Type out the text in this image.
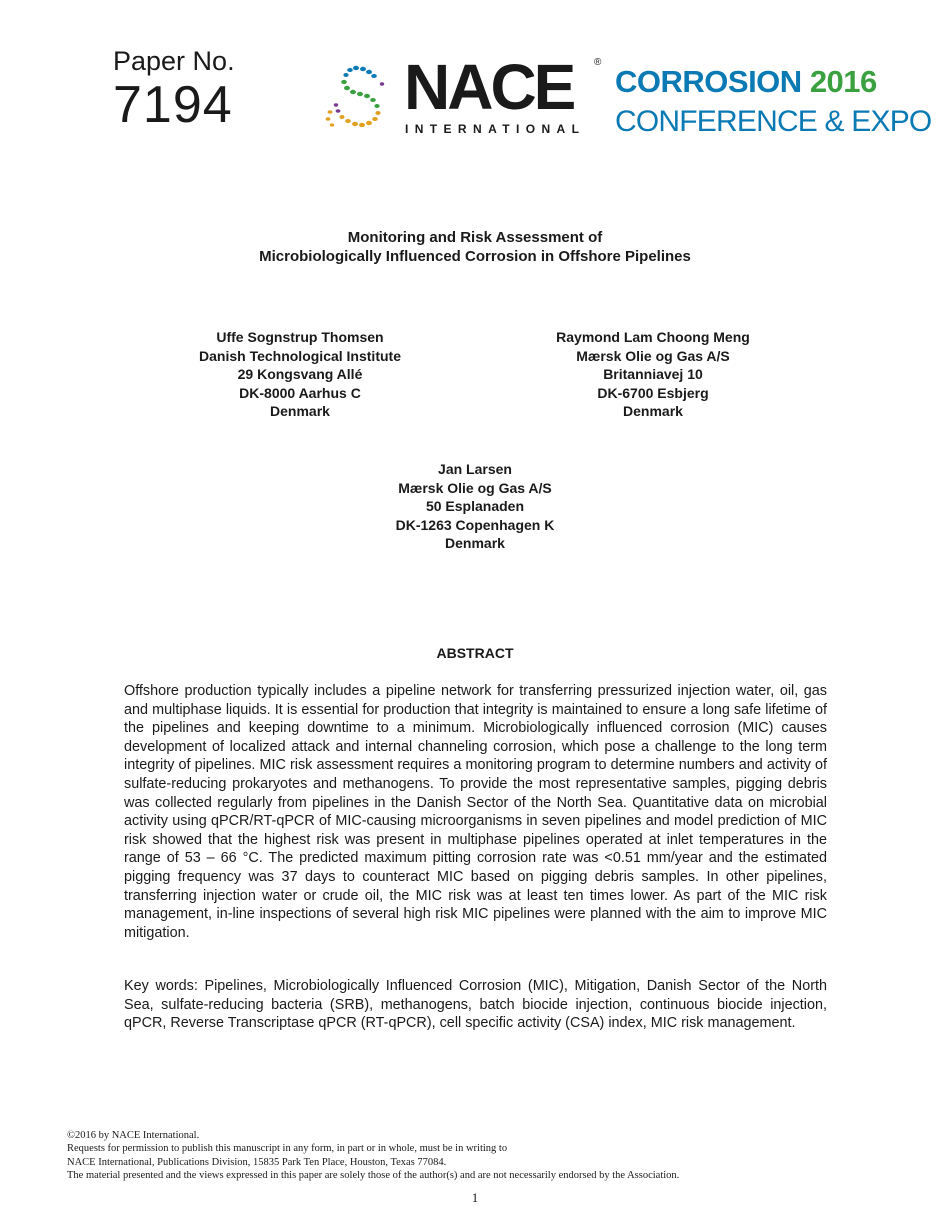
Paper No.
7194	NACE ®
INTERNATIONAL
CORROSION 2016
CONFERENCE & EXPO
Monitoring and Risk Assessment of
Microbiologically Influenced Corrosion in Offshore Pipelines
Uffe Sognstrup Thomsen
Danish Technological Institute
29 Kongsvang Allé
DK-8000 Aarhus C
Denmark
Raymond Lam Choong Meng
Mærsk Olie og Gas A/S
Britanniavej 10
DK-6700 Esbjerg
Denmark
Jan Larsen
Mærsk Olie og Gas A/S
50 Esplanaden
DK-1263 Copenhagen K
Denmark
ABSTRACT

Offshore production typically includes a pipeline network for transferring pressurized injection water, oil, gas and multiphase liquids. It is essential for production that integrity is maintained to ensure a long safe lifetime of the pipelines and keeping downtime to a minimum. Microbiologically influenced corrosion (MIC) causes development of localized attack and internal channeling corrosion, which pose a challenge to the long term integrity of pipelines. MIC risk assessment requires a monitoring program to determine numbers and activity of sulfate-reducing prokaryotes and methanogens. To provide the most representative samples, pigging debris was collected regularly from pipelines in the Danish Sector of the North Sea. Quantitative data on microbial activity using qPCR/RT-qPCR of MIC-causing microorganisms in seven pipelines and model prediction of MIC risk showed that the highest risk was present in multiphase pipelines operated at inlet temperatures in the range of 53 – 66 °C. The predicted maximum pitting corrosion rate was <0.51 mm/year and the estimated pigging frequency was 37 days to counteract MIC based on pigging debris samples. In other pipelines, transferring injection water or crude oil, the MIC risk was at least ten times lower. As part of the MIC risk management, in-line inspections of several high risk MIC pipelines were planned with the aim to improve MIC mitigation.

Key words: Pipelines, Microbiologically Influenced Corrosion (MIC), Mitigation, Danish Sector of the North Sea, sulfate-reducing bacteria (SRB), methanogens, batch biocide injection, continuous biocide injection, qPCR, Reverse Transcriptase qPCR (RT-qPCR), cell specific activity (CSA) index, MIC risk management.

©2016 by NACE International.
Requests for permission to publish this manuscript in any form, in part or in whole, must be in writing to
NACE International, Publications Division, 15835 Park Ten Place, Houston, Texas 77084.
The material presented and the views expressed in this paper are solely those of the author(s) and are not necessarily endorsed by the Association.
1
